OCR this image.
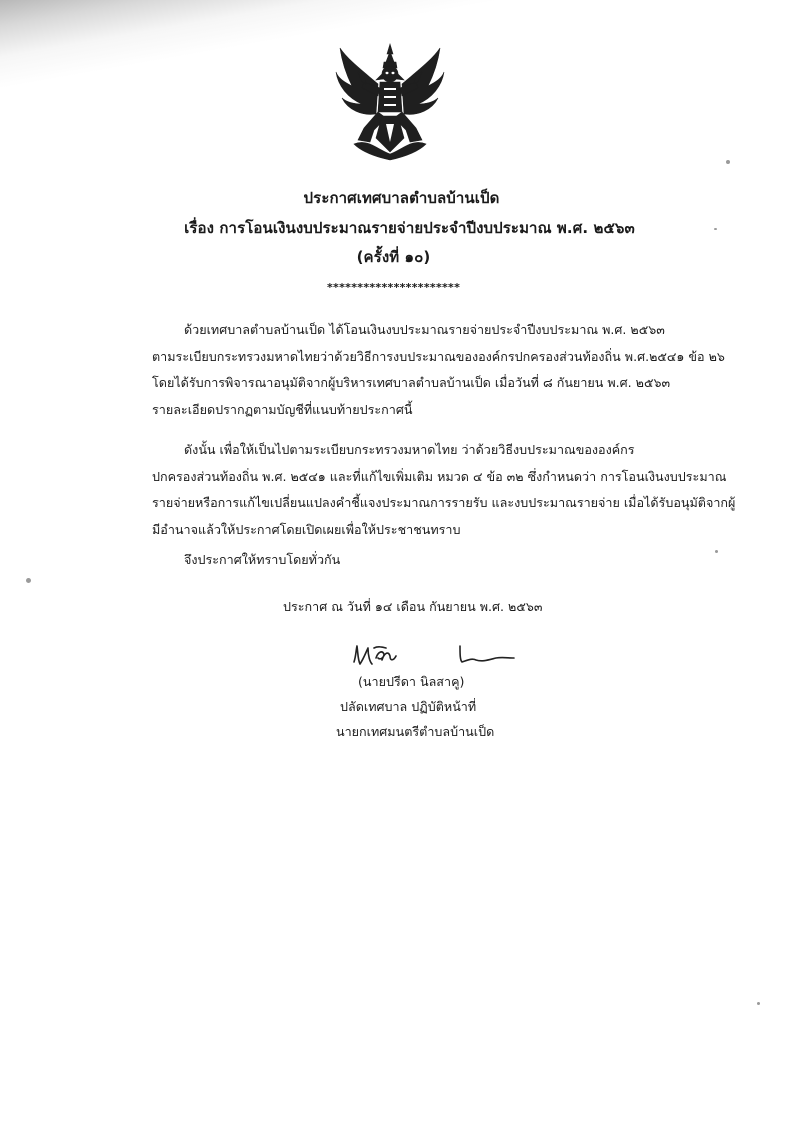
ประกาศเทศบาลตำบลบ้านเป็ด
เรื่อง การโอนเงินงบประมาณรายจ่ายประจำปีงบประมาณ พ.ศ. ๒๕๖๓
(ครั้งที่ ๑๐)
**********************
ด้วยเทศบาลตำบลบ้านเป็ด ได้โอนเงินงบประมาณรายจ่ายประจำปีงบประมาณ พ.ศ. ๒๕๖๓
ตามระเบียบกระทรวงมหาดไทยว่าด้วยวิธีการงบประมาณขององค์กรปกครองส่วนท้องถิ่น พ.ศ.๒๕๔๑ ข้อ ๒๖
โดยได้รับการพิจารณาอนุมัติจากผู้บริหารเทศบาลตำบลบ้านเป็ด เมื่อวันที่ ๘ กันยายน พ.ศ. ๒๕๖๓
รายละเอียดปรากฏตามบัญชีที่แนบท้ายประกาศนี้
ดังนั้น เพื่อให้เป็นไปตามระเบียบกระทรวงมหาดไทย ว่าด้วยวิธีงบประมาณขององค์กร
ปกครองส่วนท้องถิ่น พ.ศ. ๒๕๔๑ และที่แก้ไขเพิ่มเติม หมวด ๔ ข้อ ๓๒ ซึ่งกำหนดว่า การโอนเงินงบประมาณ
รายจ่ายหรือการแก้ไขเปลี่ยนแปลงคำชี้แจงประมาณการรายรับ และงบประมาณรายจ่าย เมื่อได้รับอนุมัติจากผู้
มีอำนาจแล้วให้ประกาศโดยเปิดเผยเพื่อให้ประชาชนทราบ
จึงประกาศให้ทราบโดยทั่วกัน
ประกาศ ณ วันที่ ๑๔ เดือน กันยายน พ.ศ. ๒๕๖๓
(นายปรีดา นิลสาคู)
ปลัดเทศบาล ปฏิบัติหน้าที่
นายกเทศมนตรีตำบลบ้านเป็ด
